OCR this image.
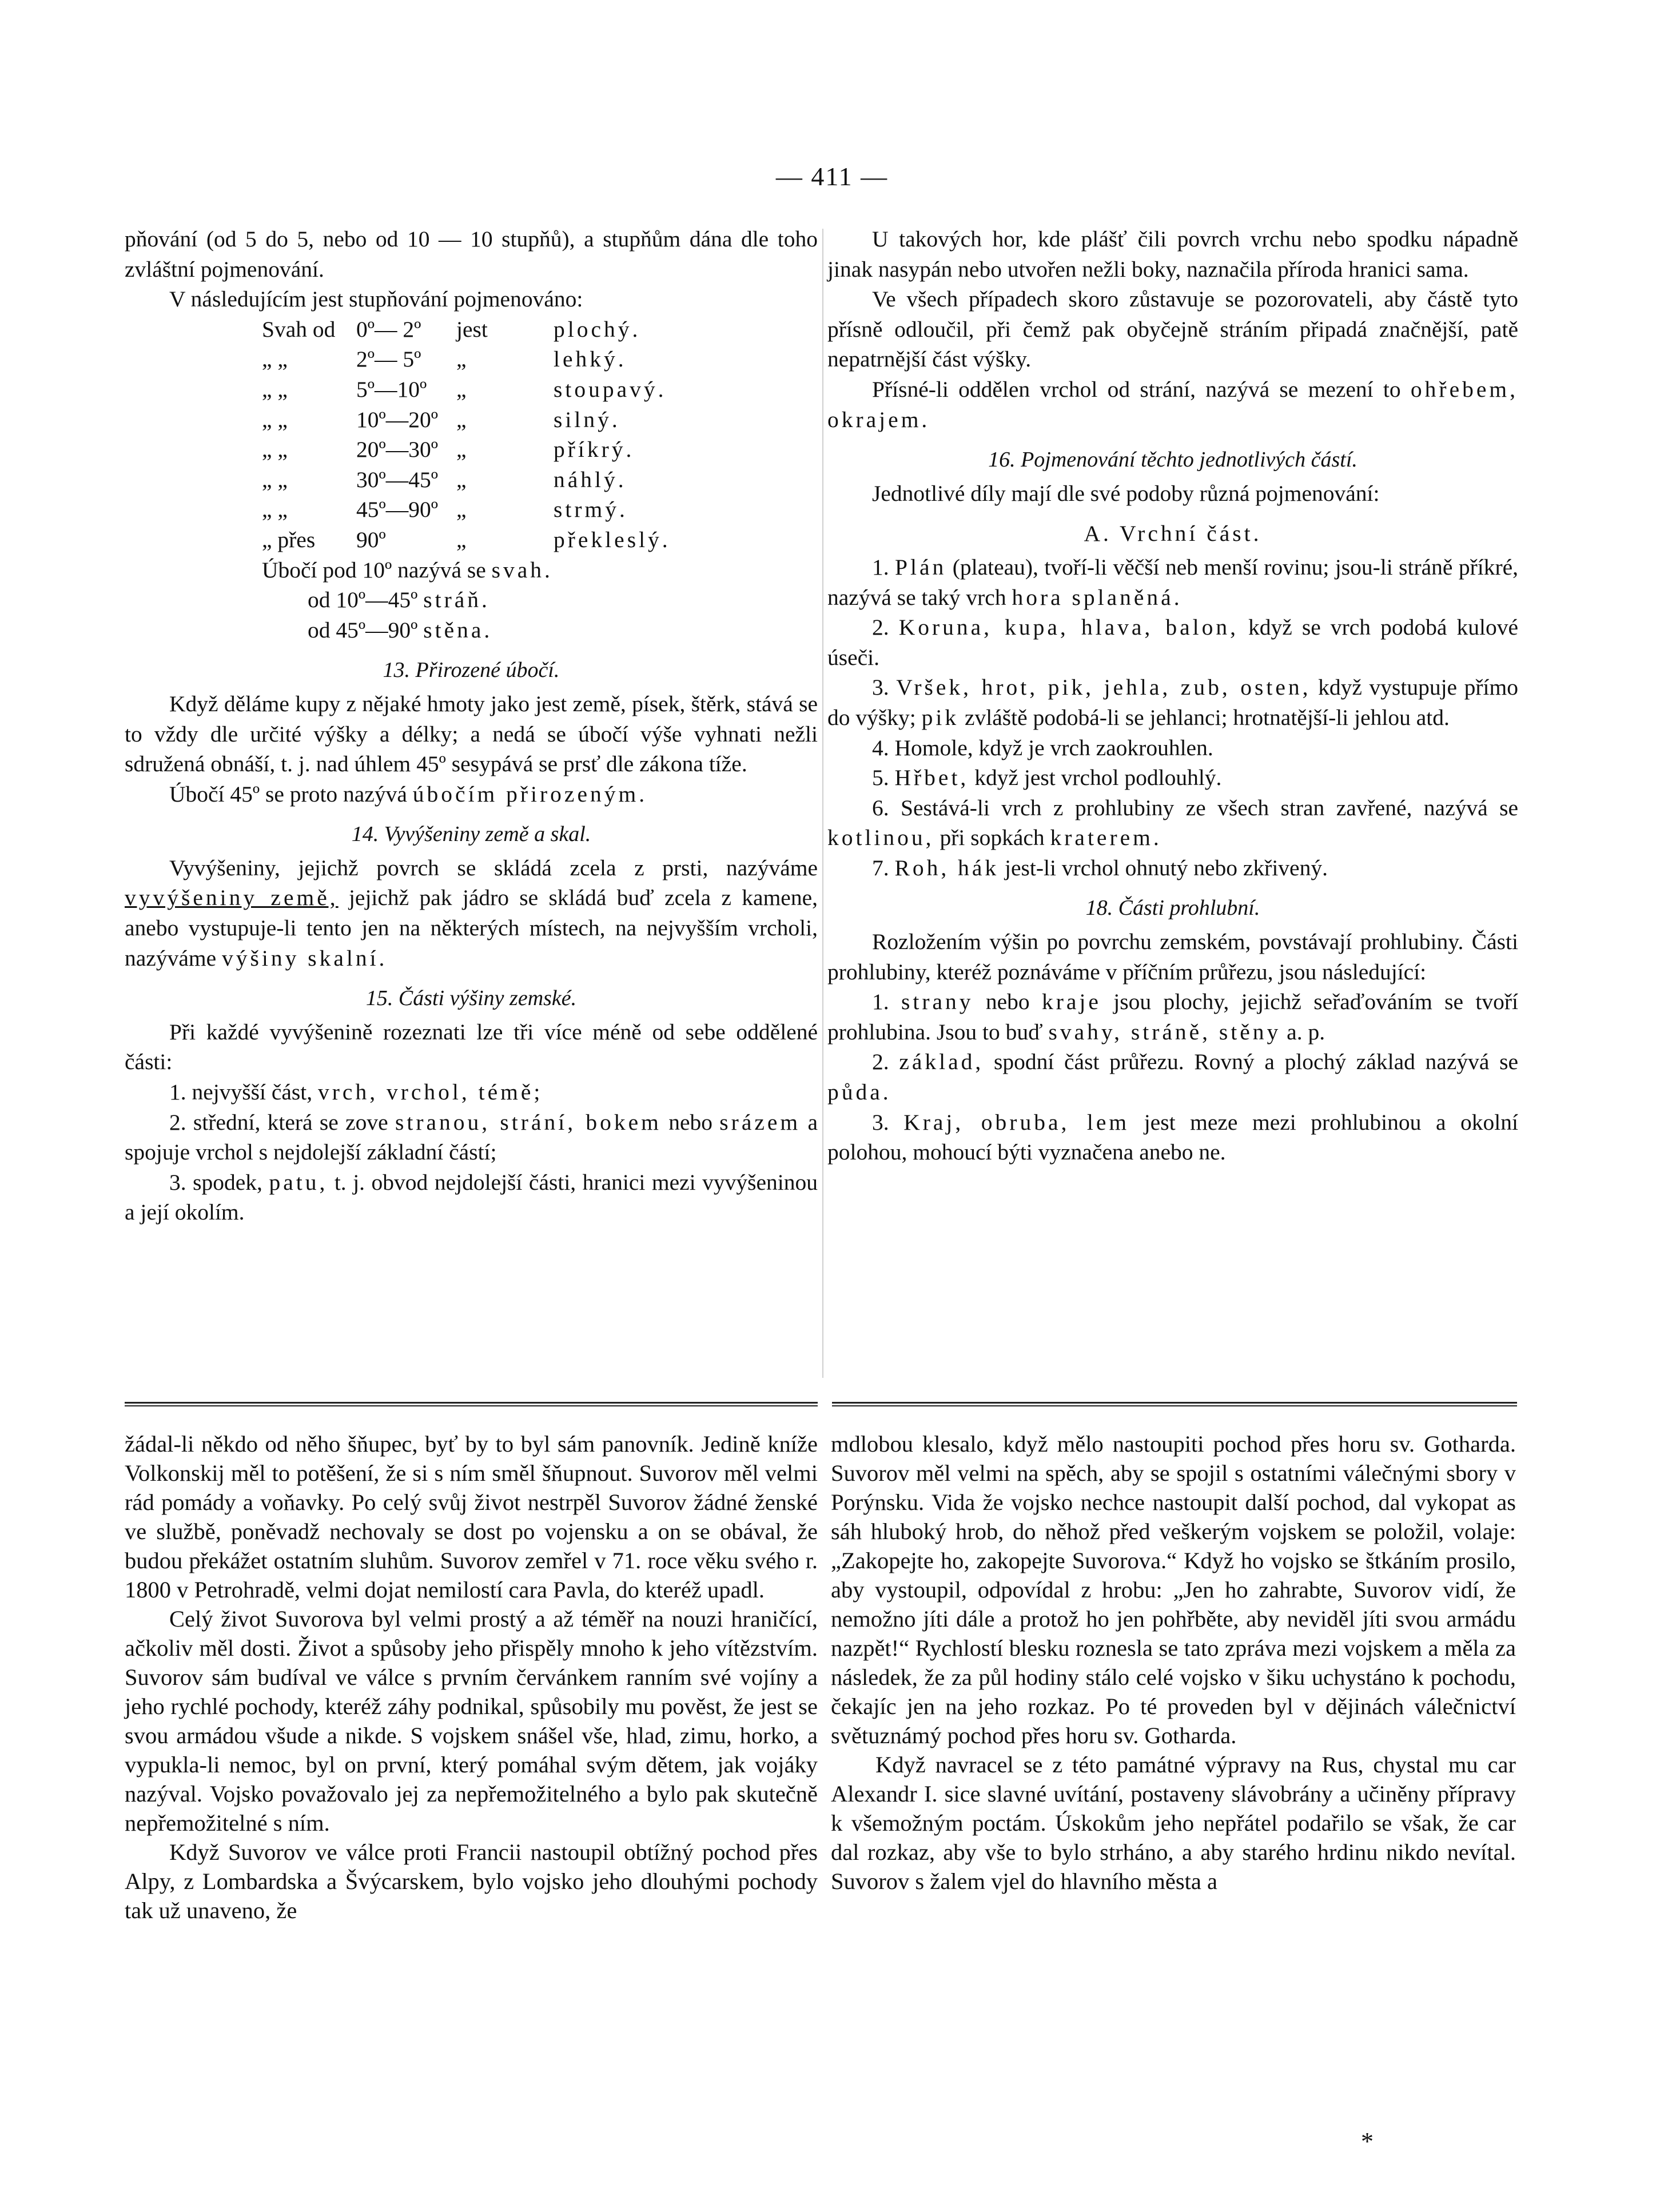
— 411 —

pňování (od 5 do 5, nebo od 10 — 10 stupňů), a stupňům dána dle toho zvláštní pojmenování.

V následujícím jest stupňování pojmenováno:

Svah od	0º— 2º	jest	plochý.
„ „	2º— 5º	„	lehký.
„ „	5º—10º	„	stoupavý.
„ „	10º—20º	„	silný.
„ „	20º—30º	„	příkrý.
„ „	30º—45º	„	náhlý.
„ „	45º—90º	„	strmý.
„ přes	90º	„	překleslý.

Úbočí pod 10º nazývá se svah.

od 10º—45º stráň.

od 45º—90º stěna.

13. Přirozené úbočí.

Když děláme kupy z nějaké hmoty jako jest země, písek, štěrk, stává se to vždy dle určité výšky a délky; a nedá se úbočí výše vyhnati nežli sdružená obnáší, t. j. nad úhlem 45º sesypává se prsť dle zákona tíže.

Úbočí 45º se proto nazývá úbočím přirozeným.

14. Vyvýšeniny země a skal.

Vyvýšeniny, jejichž povrch se skládá zcela z prsti, nazýváme vyvýšeniny země, jejichž pak jádro se skládá buď zcela z kamene, anebo vystupuje-li tento jen na některých místech, na nejvyšším vrcholi, nazýváme výšiny skalní.

15. Části výšiny zemské.

Při každé vyvýšenině rozeznati lze tři více méně od sebe oddělené části:

1. nejvyšší část, vrch, vrchol, témě;

2. střední, která se zove stranou, strání, bokem nebo srázem a spojuje vrchol s nejdolejší základní částí;

3. spodek, patu, t. j. obvod nejdolejší části, hranici mezi vyvýšeninou a její okolím.

U takových hor, kde plášť čili povrch vrchu nebo spodku nápadně jinak nasypán nebo utvořen nežli boky, naznačila příroda hranici sama.

Ve všech případech skoro zůstavuje se pozorovateli, aby částě tyto přísně odloučil, při čemž pak obyčejně stráním připadá značnější, patě nepatrnější část výšky.

Přísné-li oddělen vrchol od strání, nazývá se mezení to ohřebem, okrajem.

16. Pojmenování těchto jednotlivých částí.

Jednotlivé díly mají dle své podoby různá pojmenování:

A. Vrchní část.

1. Plán (plateau), tvoří-li věčší neb menší rovinu; jsou-li stráně příkré, nazývá se taký vrch hora splaněná.

2. Koruna, kupa, hlava, balon, když se vrch podobá kulové úseči.

3. Vršek, hrot, pik, jehla, zub, osten, když vystupuje přímo do výšky; pik zvláště podobá-li se jehlanci; hrotnatější-li jehlou atd.

4. Homole, když je vrch zaokrouhlen.

5. Hřbet, když jest vrchol podlouhlý.

6. Sestává-li vrch z prohlubiny ze všech stran zavřené, nazývá se kotlinou, při sopkách kraterem.

7. Roh, hák jest-li vrchol ohnutý nebo zkřivený.

18. Části prohlubní.

Rozložením výšin po povrchu zemském, povstávají prohlubiny. Části prohlubiny, kteréž poznáváme v příčním průřezu, jsou následující:

1. strany nebo kraje jsou plochy, jejichž seřaďováním se tvoří prohlubina. Jsou to buď svahy, stráně, stěny a. p.

2. základ, spodní část průřezu. Rovný a plochý základ nazývá se půda.

3. Kraj, obruba, lem jest meze mezi prohlubinou a okolní polohou, mohoucí býti vyznačena anebo ne.

žádal-li někdo od něho šňupec, byť by to byl sám panovník. Jedině kníže Volkonskij měl to potěšení, že si s ním směl šňupnout. Suvorov měl velmi rád pomády a voňavky. Po celý svůj život nestrpěl Suvorov žádné ženské ve službě, poněvadž nechovaly se dost po vojensku a on se obával, že budou překážet ostatním sluhům. Suvorov zemřel v 71. roce věku svého r. 1800 v Petrohradě, velmi dojat nemilostí cara Pavla, do kteréž upadl.

Celý život Suvorova byl velmi prostý a až téměř na nouzi hraničící, ačkoliv měl dosti. Život a spůsoby jeho přispěly mnoho k jeho vítězstvím. Suvorov sám budíval ve válce s prvním červánkem ranním své vojíny a jeho rychlé pochody, kteréž záhy podnikal, spůsobily mu pověst, že jest se svou armádou všude a nikde. S vojskem snášel vše, hlad, zimu, horko, a vypukla-li nemoc, byl on první, který pomáhal svým dětem, jak vojáky nazýval. Vojsko považovalo jej za nepřemožitelného a bylo pak skutečně nepřemožitelné s ním.

Když Suvorov ve válce proti Francii nastoupil obtížný pochod přes Alpy, z Lombardska a Švýcarskem, bylo vojsko jeho dlouhými pochody tak už unaveno, že

mdlobou klesalo, když mělo nastoupiti pochod přes horu sv. Gotharda. Suvorov měl velmi na spěch, aby se spojil s ostatními válečnými sbory v Porýnsku. Vida že vojsko nechce nastoupit další pochod, dal vykopat as sáh hluboký hrob, do něhož před veškerým vojskem se položil, volaje: „Zakopejte ho, zakopejte Suvorova.“ Když ho vojsko se štkáním prosilo, aby vystoupil, odpovídal z hrobu: „Jen ho zahrabte, Suvorov vidí, že nemožno jíti dále a protož ho jen pohřběte, aby neviděl jíti svou armádu nazpět!“ Rychlostí blesku roznesla se tato zpráva mezi vojskem a měla za následek, že za půl hodiny stálo celé vojsko v šiku uchystáno k pochodu, čekajíc jen na jeho rozkaz. Po té proveden byl v dějinách válečnictví světuznámý pochod přes horu sv. Gotharda.

Když navracel se z této památné výpravy na Rus, chystal mu car Alexandr I. sice slavné uvítání, postaveny slávobrány a učiněny přípravy k všemožným poctám. Úskokům jeho nepřátel podařilo se však, že car dal rozkaz, aby vše to bylo strháno, a aby starého hrdinu nikdo nevítal. Suvorov s žalem vjel do hlavního města a

*
